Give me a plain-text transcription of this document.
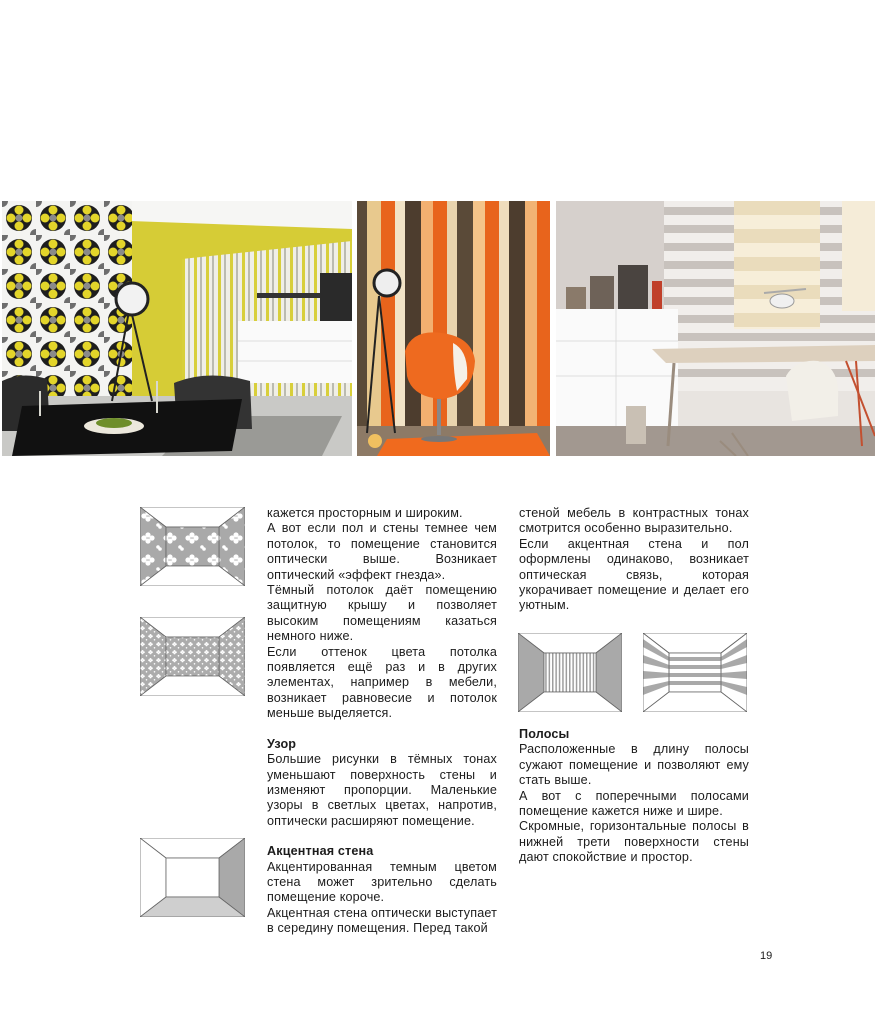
кажется просторным и широким.

А вот если пол и стены темнее чем потолок, то помещение становится оптически выше. Возникает оптический «эффект гнезда».

Тёмный потолок даёт помещению защитную крышу и позволяет высоким помещениям казаться немного ниже.

Если оттенок цвета потолка появляется ещё раз и в других элементах, например в мебели, возникает равновесие и потолок меньше выделяется.

Узор

Большие рисунки в тёмных тонах уменьшают поверхность стены и изменяют пропорции. Маленькие узоры в светлых цветах, напротив, оптически расширяют помещение.

Акцентная стена

Акцентированная темным цветом стена может зрительно сделать помещение короче.

Акцентная стена оптически выступает в середину помещения. Перед такой

стеной мебель в контрастных тонах смотрится особенно выразительно.

Если акцентная стена и пол оформлены одинаково, возникает оптическая связь, которая укорачивает помещение и делает его уютным.

Полосы

Расположенные в длину полосы сужают помещение и позволяют ему стать выше.

А вот с поперечными полосами помещение кажется ниже и шире.

Скромные, горизонтальные полосы в нижней трети поверхности стены дают спокойствие и простор.

19
